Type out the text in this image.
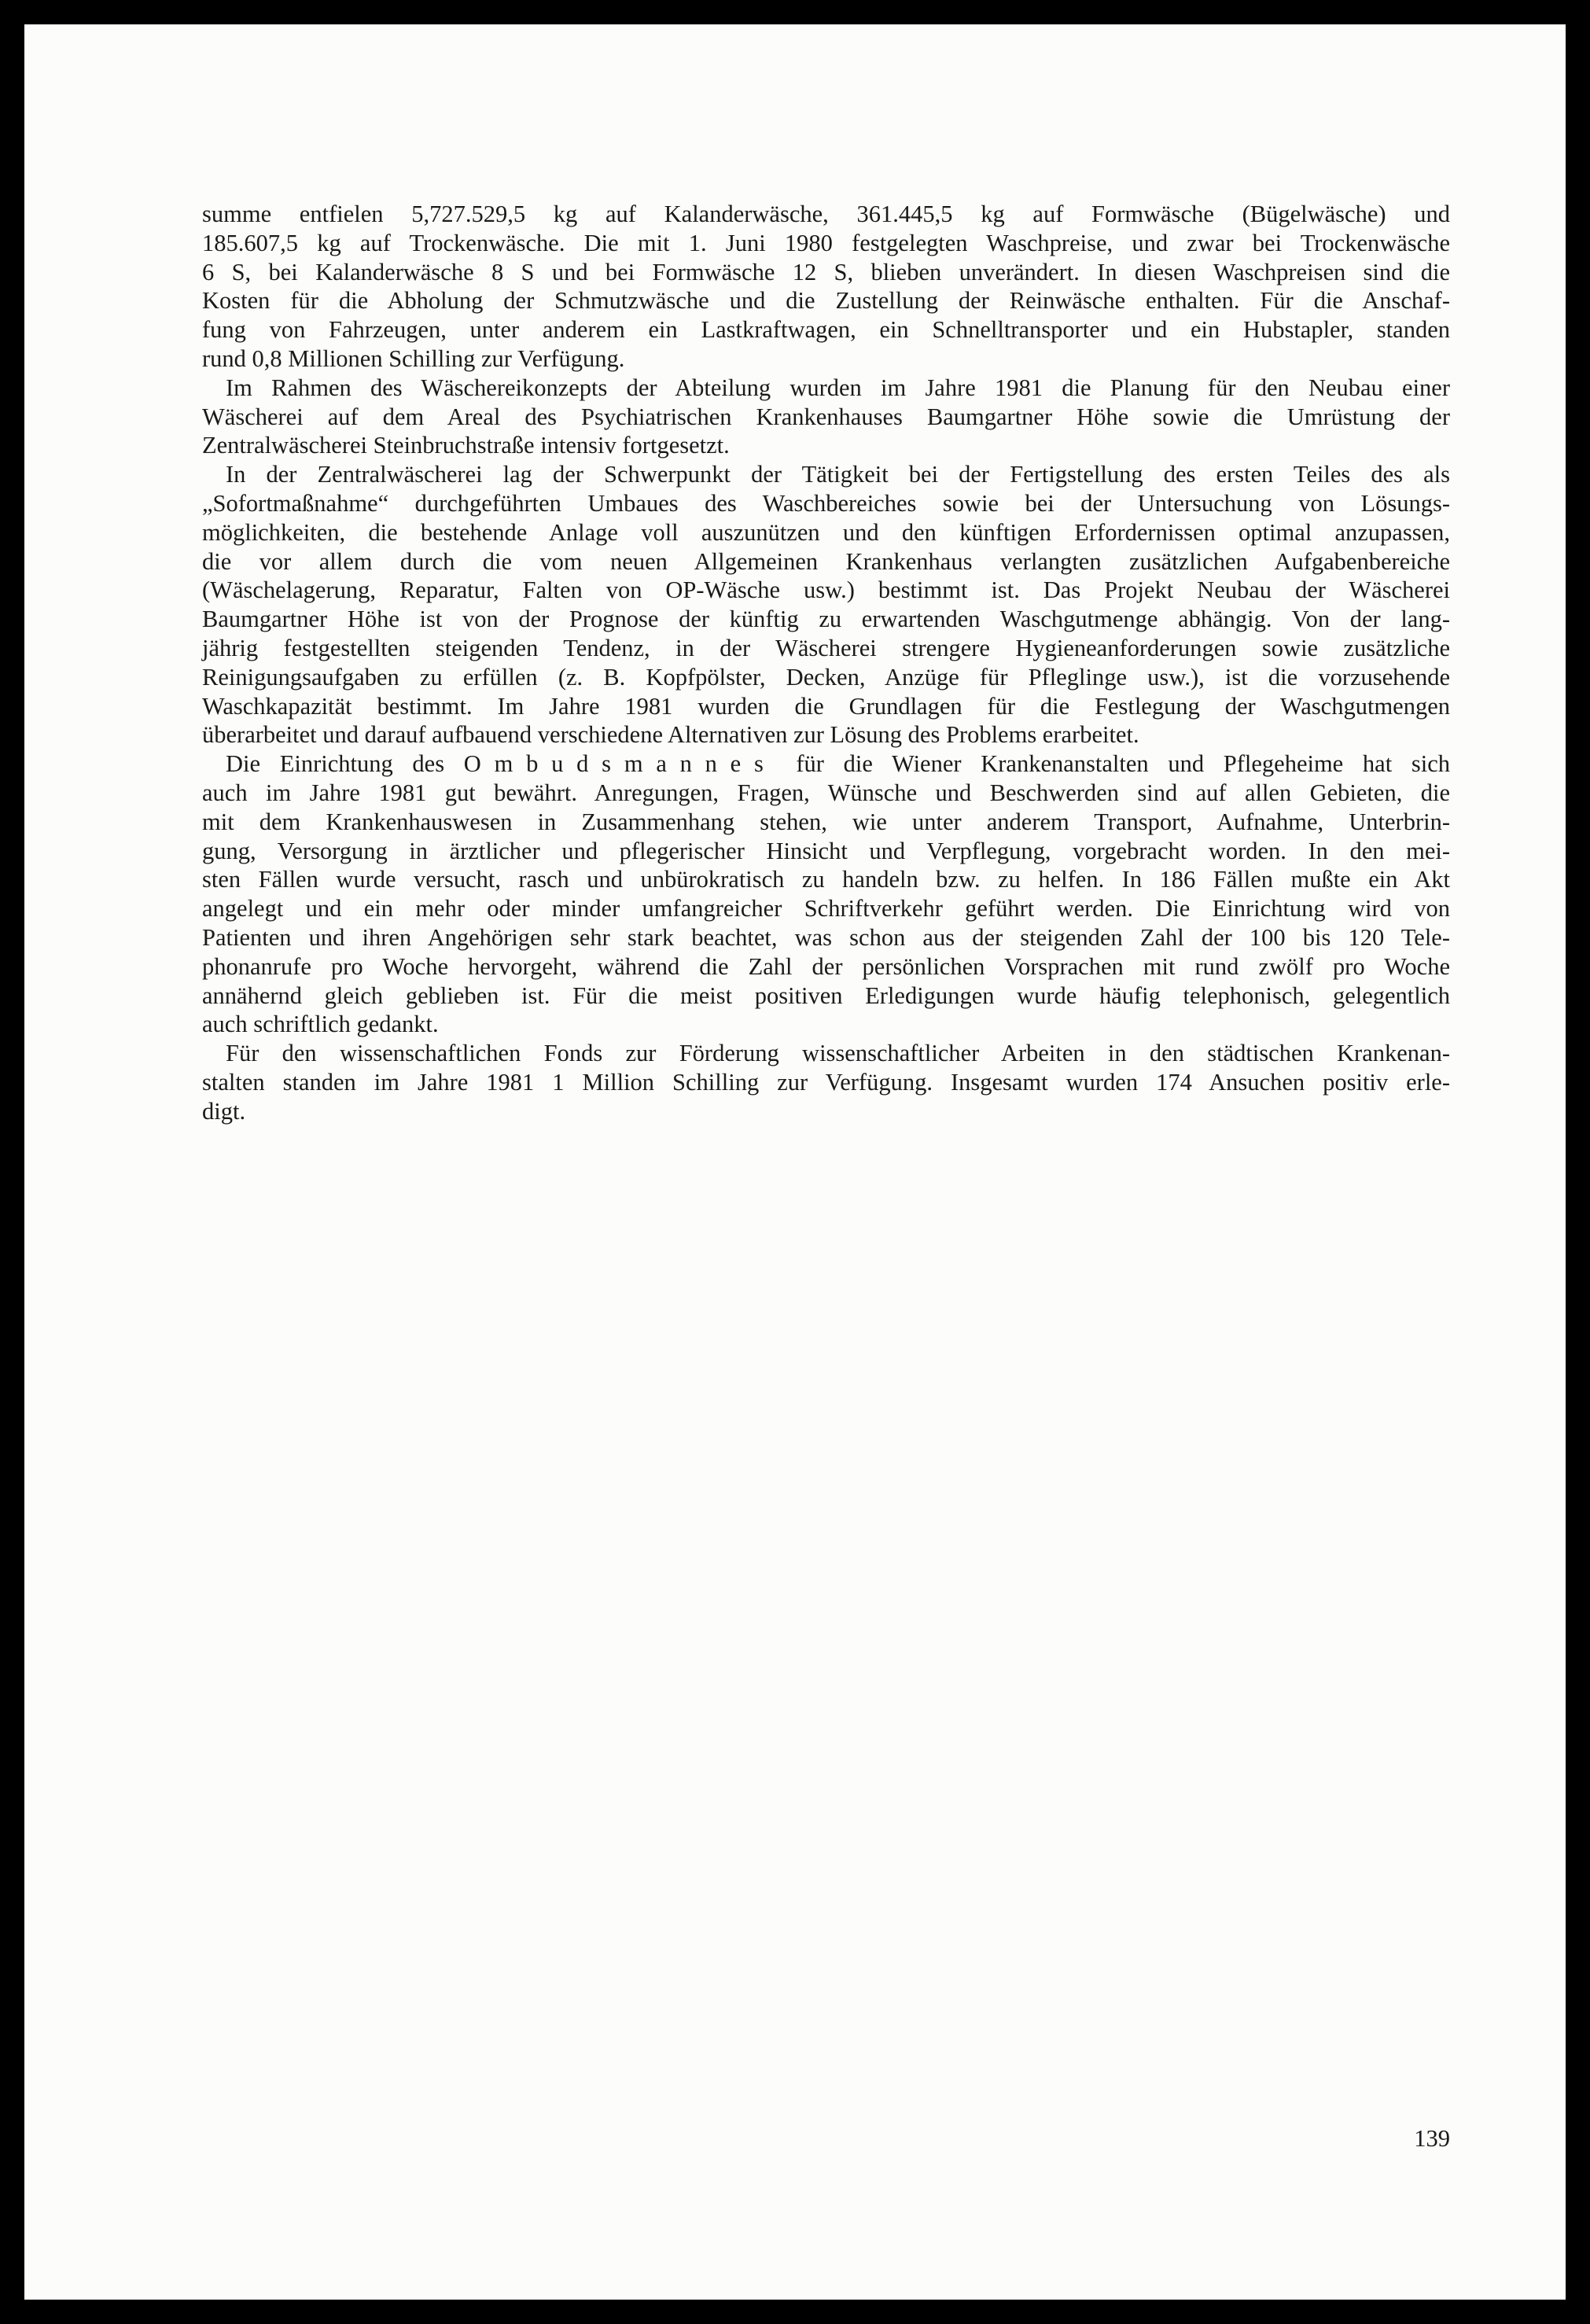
summe entfielen 5,727.529,5 kg auf Kalanderwäsche, 361.445,5 kg auf Formwäsche (Bügelwäsche) und
185.607,5 kg auf Trockenwäsche. Die mit 1. Juni 1980 festgelegten Waschpreise, und zwar bei Trockenwäsche
6 S, bei Kalanderwäsche 8 S und bei Formwäsche 12 S, blieben unverändert. In diesen Waschpreisen sind die
Kosten für die Abholung der Schmutzwäsche und die Zustellung der Reinwäsche enthalten. Für die Anschaf-
fung von Fahrzeugen, unter anderem ein Lastkraftwagen, ein Schnelltransporter und ein Hubstapler, standen
rund 0,8 Millionen Schilling zur Verfügung.
Im Rahmen des Wäschereikonzepts der Abteilung wurden im Jahre 1981 die Planung für den Neubau einer
Wäscherei auf dem Areal des Psychiatrischen Krankenhauses Baumgartner Höhe sowie die Umrüstung der
Zentralwäscherei Steinbruchstraße intensiv fortgesetzt.
In der Zentralwäscherei lag der Schwerpunkt der Tätigkeit bei der Fertigstellung des ersten Teiles des als
„Sofortmaßnahme“ durchgeführten Umbaues des Waschbereiches sowie bei der Untersuchung von Lösungs-
möglichkeiten, die bestehende Anlage voll auszunützen und den künftigen Erfordernissen optimal anzupassen,
die vor allem durch die vom neuen Allgemeinen Krankenhaus verlangten zusätzlichen Aufgabenbereiche
(Wäschelagerung, Reparatur, Falten von OP-Wäsche usw.) bestimmt ist. Das Projekt Neubau der Wäscherei
Baumgartner Höhe ist von der Prognose der künftig zu erwartenden Waschgutmenge abhängig. Von der lang-
jährig festgestellten steigenden Tendenz, in der Wäscherei strengere Hygieneanforderungen sowie zusätzliche
Reinigungsaufgaben zu erfüllen (z. B. Kopfpölster, Decken, Anzüge für Pfleglinge usw.), ist die vorzusehende
Waschkapazität bestimmt. Im Jahre 1981 wurden die Grundlagen für die Festlegung der Waschgutmengen
überarbeitet und darauf aufbauend verschiedene Alternativen zur Lösung des Problems erarbeitet.
Die Einrichtung des Ombudsmannes für die Wiener Krankenanstalten und Pflegeheime hat sich
auch im Jahre 1981 gut bewährt. Anregungen, Fragen, Wünsche und Beschwerden sind auf allen Gebieten, die
mit dem Krankenhauswesen in Zusammenhang stehen, wie unter anderem Transport, Aufnahme, Unterbrin-
gung, Versorgung in ärztlicher und pflegerischer Hinsicht und Verpflegung, vorgebracht worden. In den mei-
sten Fällen wurde versucht, rasch und unbürokratisch zu handeln bzw. zu helfen. In 186 Fällen mußte ein Akt
angelegt und ein mehr oder minder umfangreicher Schriftverkehr geführt werden. Die Einrichtung wird von
Patienten und ihren Angehörigen sehr stark beachtet, was schon aus der steigenden Zahl der 100 bis 120 Tele-
phonanrufe pro Woche hervorgeht, während die Zahl der persönlichen Vorsprachen mit rund zwölf pro Woche
annähernd gleich geblieben ist. Für die meist positiven Erledigungen wurde häufig telephonisch, gelegentlich
auch schriftlich gedankt.
Für den wissenschaftlichen Fonds zur Förderung wissenschaftlicher Arbeiten in den städtischen Krankenan-
stalten standen im Jahre 1981 1 Million Schilling zur Verfügung. Insgesamt wurden 174 Ansuchen positiv erle-
digt.
139
